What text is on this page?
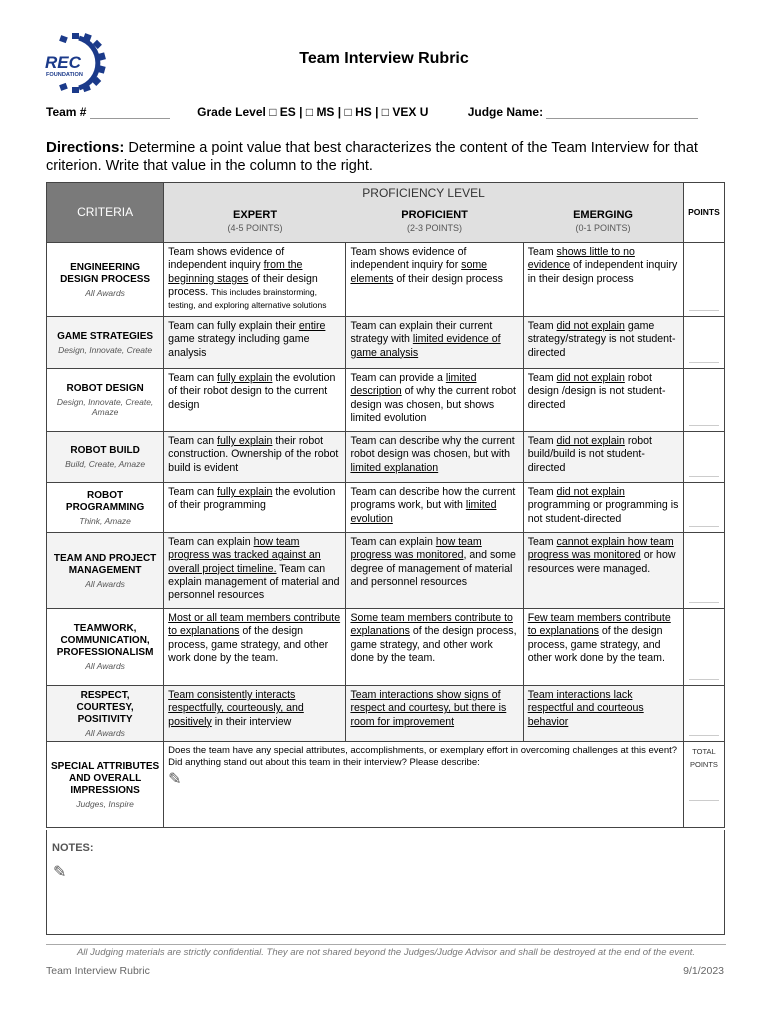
REC
FOUNDATION
Team Interview Rubric
Team #	Grade Level □ ES | □ MS | □ HS | □ VEX U	Judge Name:
Directions: Determine a point value that best characterizes the content of the Team Interview for that criterion. Write that value in the column to the right.
CRITERIA	PROFICIENCY LEVEL			POINTS

	EXPERT
(4-5 POINTS)	PROFICIENT
(2-3 POINTS)	EMERGING
(0-1 POINTS)	

ENGINEERING DESIGN PROCESS
All Awards	Team shows evidence of independent inquiry from the beginning stages of their design process. This includes brainstorming, testing, and exploring alternative solutions	Team shows evidence of independent inquiry for some elements of their design process	Team shows little to no evidence of independent inquiry in their design process	

GAME STRATEGIES
Design, Innovate, Create	Team can fully explain their entire game strategy including game analysis	Team can explain their current strategy with limited evidence of game analysis	Team did not explain game strategy/strategy is not student-directed	

ROBOT DESIGN
Design, Innovate, Create, Amaze	Team can fully explain the evolution of their robot design to the current design	Team can provide a limited description of why the current robot design was chosen, but shows limited evolution	Team did not explain robot design /design is not student-directed	

ROBOT BUILD
Build, Create, Amaze	Team can fully explain their robot construction. Ownership of the robot build is evident	Team can describe why the current robot design was chosen, but with limited explanation	Team did not explain robot build/build is not student-directed	

ROBOT PROGRAMMING
Think, Amaze	Team can fully explain the evolution of their programming	Team can describe how the current programs work, but with limited evolution	Team did not explain programming or programming is not student-directed	

TEAM AND PROJECT MANAGEMENT
All Awards	Team can explain how team progress was tracked against an overall project timeline. Team can explain management of material and personnel resources	Team can explain how team progress was monitored, and some degree of management of material and personnel resources	Team cannot explain how team progress was monitored or how resources were managed.	

TEAMWORK, COMMUNICATION, PROFESSIONALISM
All Awards	Most or all team members contribute to explanations of the design process, game strategy, and other work done by the team.	Some team members contribute to explanations of the design process, game strategy, and other work done by the team.	Few team members contribute to explanations of the design process, game strategy, and other work done by the team.	

RESPECT, COURTESY, POSITIVITY
All Awards	Team consistently interacts respectfully, courteously, and positively in their interview	Team interactions show signs of respect and courtesy, but there is room for improvement	Team interactions lack respectful and courteous behavior	

SPECIAL ATTRIBUTES AND OVERALL IMPRESSIONS
Judges, Inspire	Does the team have any special attributes, accomplishments, or exemplary effort in overcoming challenges at this event? Did anything stand out about this team in their interview? Please describe:
✎			TOTAL POINTS
NOTES:
✎
All Judging materials are strictly confidential. They are not shared beyond the Judges/Judge Advisor and shall be destroyed at the end of the event.
Team Interview Rubric	9/1/2023
